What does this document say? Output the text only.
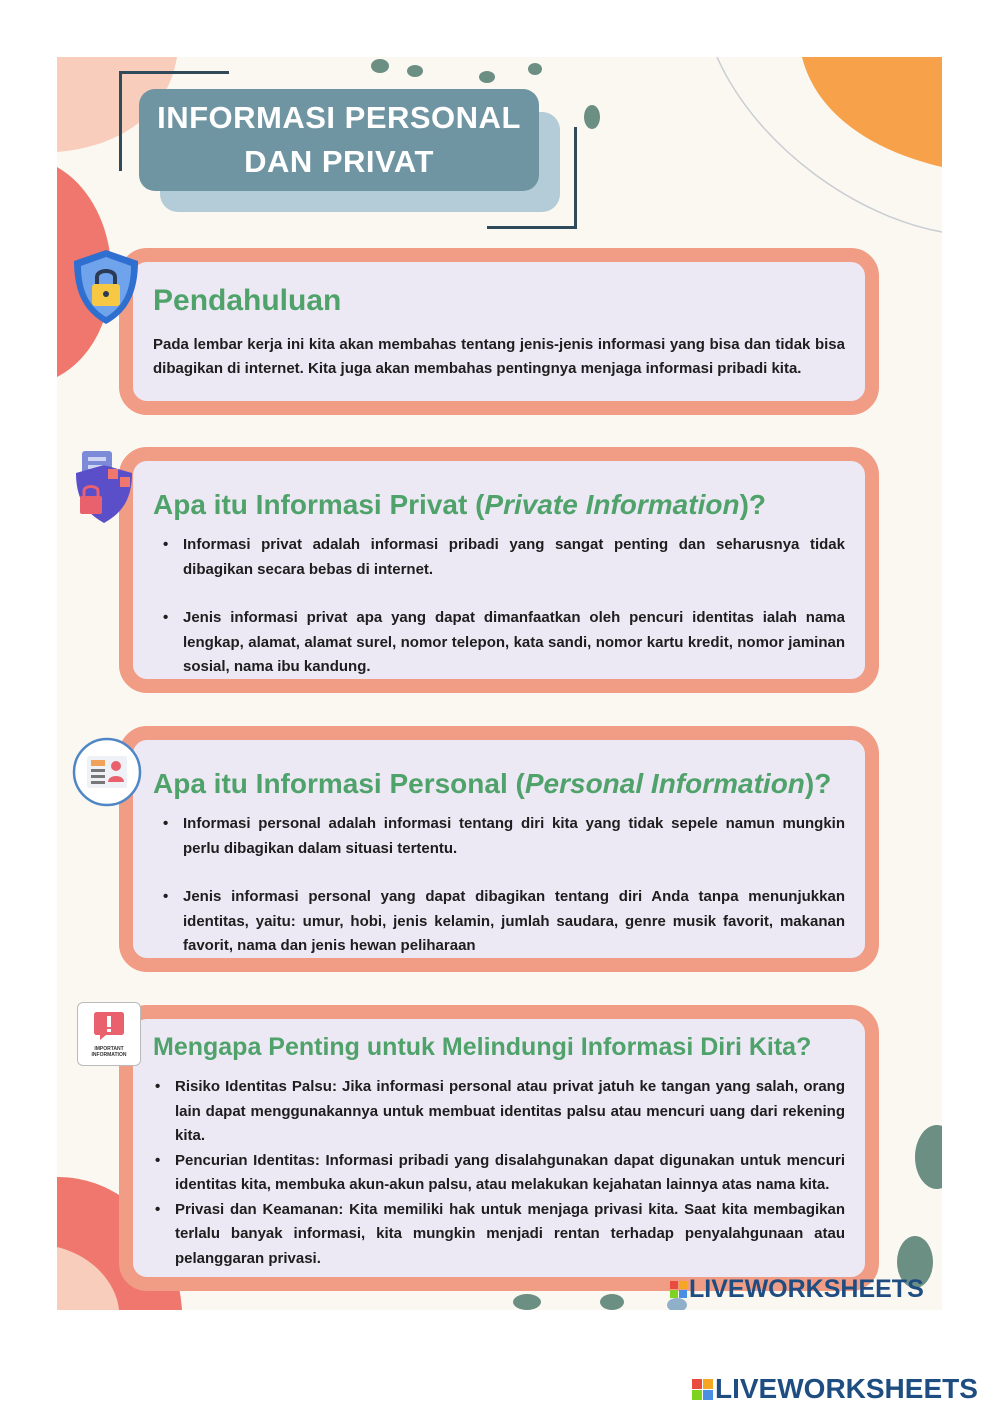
INFORMASI PERSONAL
DAN PRIVAT
Pendahuluan

Pada lembar kerja ini kita akan membahas tentang jenis-jenis informasi yang bisa dan tidak bisa dibagikan di internet. Kita juga akan membahas pentingnya menjaga informasi pribadi kita.

Apa itu Informasi Privat (Private Information)?
• Informasi privat adalah informasi pribadi yang sangat penting dan seharusnya tidak dibagikan secara bebas di internet.
• Jenis informasi privat apa yang dapat dimanfaatkan oleh pencuri identitas ialah nama lengkap, alamat, alamat surel, nomor telepon, kata sandi, nomor kartu kredit, nomor jaminan sosial, nama ibu kandung.
Apa itu Informasi Personal (Personal Information)?
• Informasi personal adalah informasi tentang diri kita yang tidak sepele namun mungkin perlu dibagikan dalam situasi tertentu.
• Jenis informasi personal yang dapat dibagikan tentang diri Anda tanpa menunjukkan identitas, yaitu: umur, hobi, jenis kelamin, jumlah saudara, genre musik favorit, makanan favorit, nama dan jenis hewan peliharaan
Mengapa Penting untuk Melindungi Informasi Diri Kita?
• Risiko Identitas Palsu: Jika informasi personal atau privat jatuh ke tangan yang salah, orang lain dapat menggunakannya untuk membuat identitas palsu atau mencuri uang dari rekening kita.
• Pencurian Identitas: Informasi pribadi yang disalahgunakan dapat digunakan untuk mencuri identitas kita, membuka akun-akun palsu, atau melakukan kejahatan lainnya atas nama kita.
• Privasi dan Keamanan: Kita memiliki hak untuk menjaga privasi kita. Saat kita membagikan terlalu banyak informasi, kita mungkin menjadi rentan terhadap penyalahgunaan atau pelanggaran privasi.
IMPORTANT
INFORMATION
LIVEWORKSHEETS
LIVEWORKSHEETS
